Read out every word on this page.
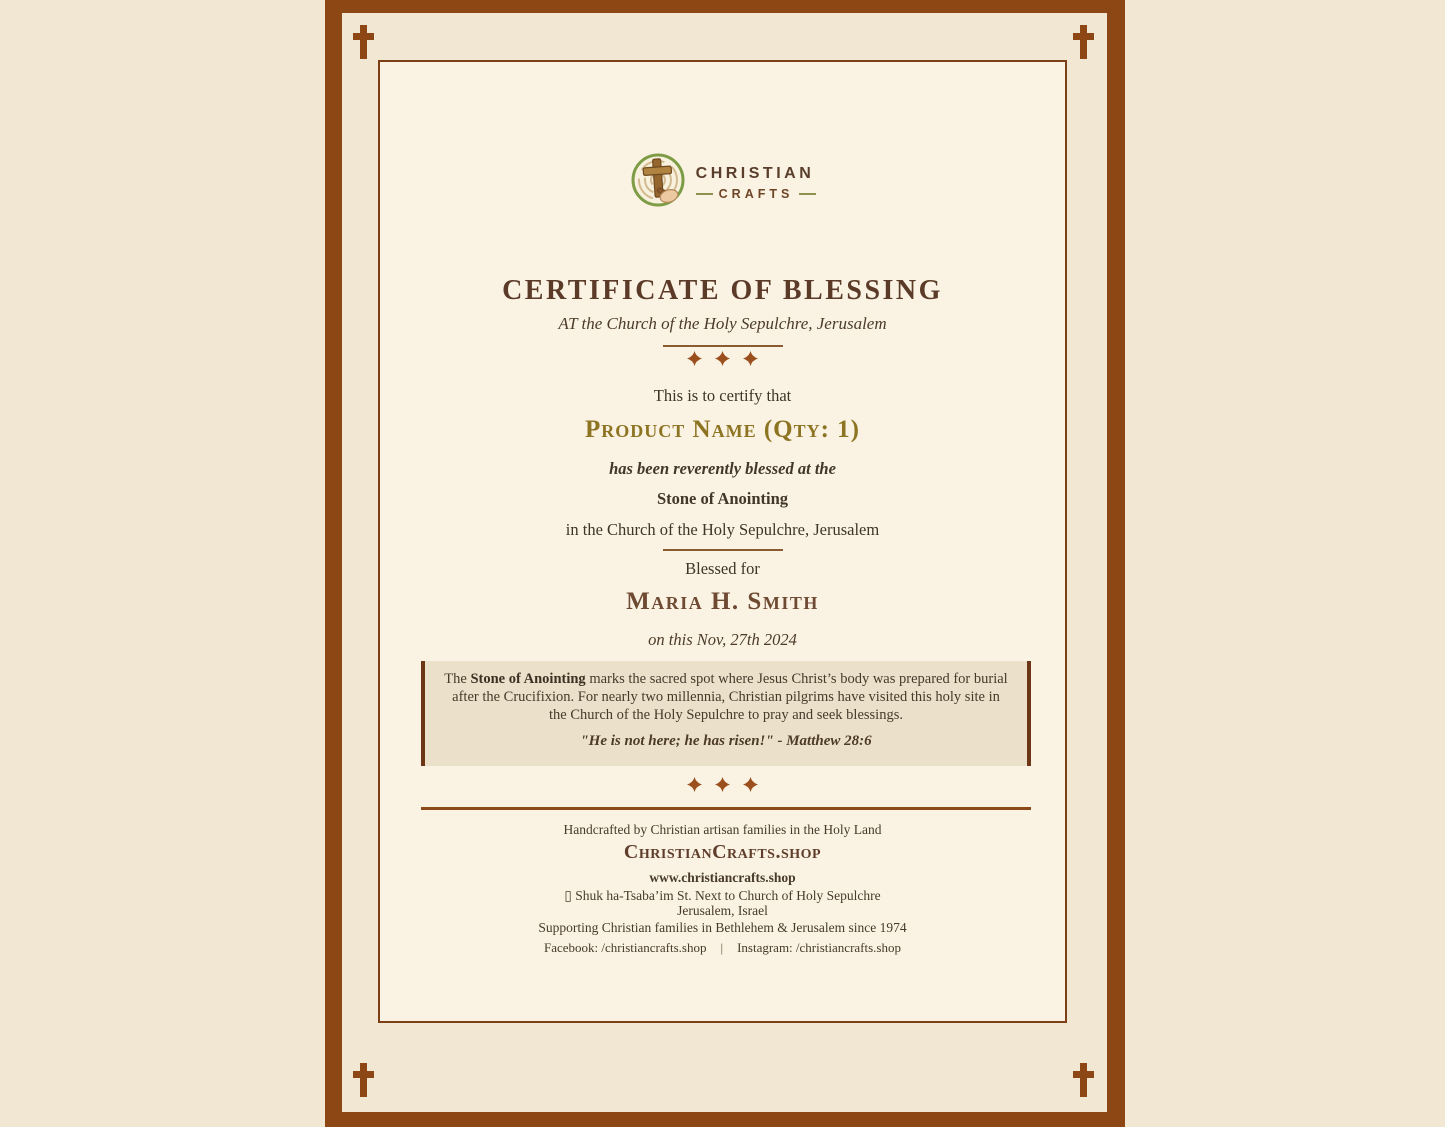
CHRISTIAN
CRAFTS
CERTIFICATE OF BLESSING
AT the Church of the Holy Sepulchre, Jerusalem
This is to certify that
Product Name (Qty: 1)
has been reverently blessed at the
Stone of Anointing
in the Church of the Holy Sepulchre, Jerusalem
Blessed for
Maria H. Smith
on this Nov, 27th 2024

The Stone of Anointing marks the sacred spot where Jesus Christ’s body was prepared for burial after the Crucifixion. For nearly two millennia, Christian pilgrims have visited this holy site in the Church of the Holy Sepulchre to pray and seek blessings.

"He is not here; he has risen!" - Matthew 28:6

Handcrafted by Christian artisan families in the Holy Land
ChristianCrafts.shop
www.christiancrafts.shop
▯ Shuk ha-Tsaba’im St. Next to Church of Holy Sepulchre
Jerusalem, Israel
Supporting Christian families in Bethlehem & Jerusalem since 1974
Facebook: /christiancrafts.shop | Instagram: /christiancrafts.shop
